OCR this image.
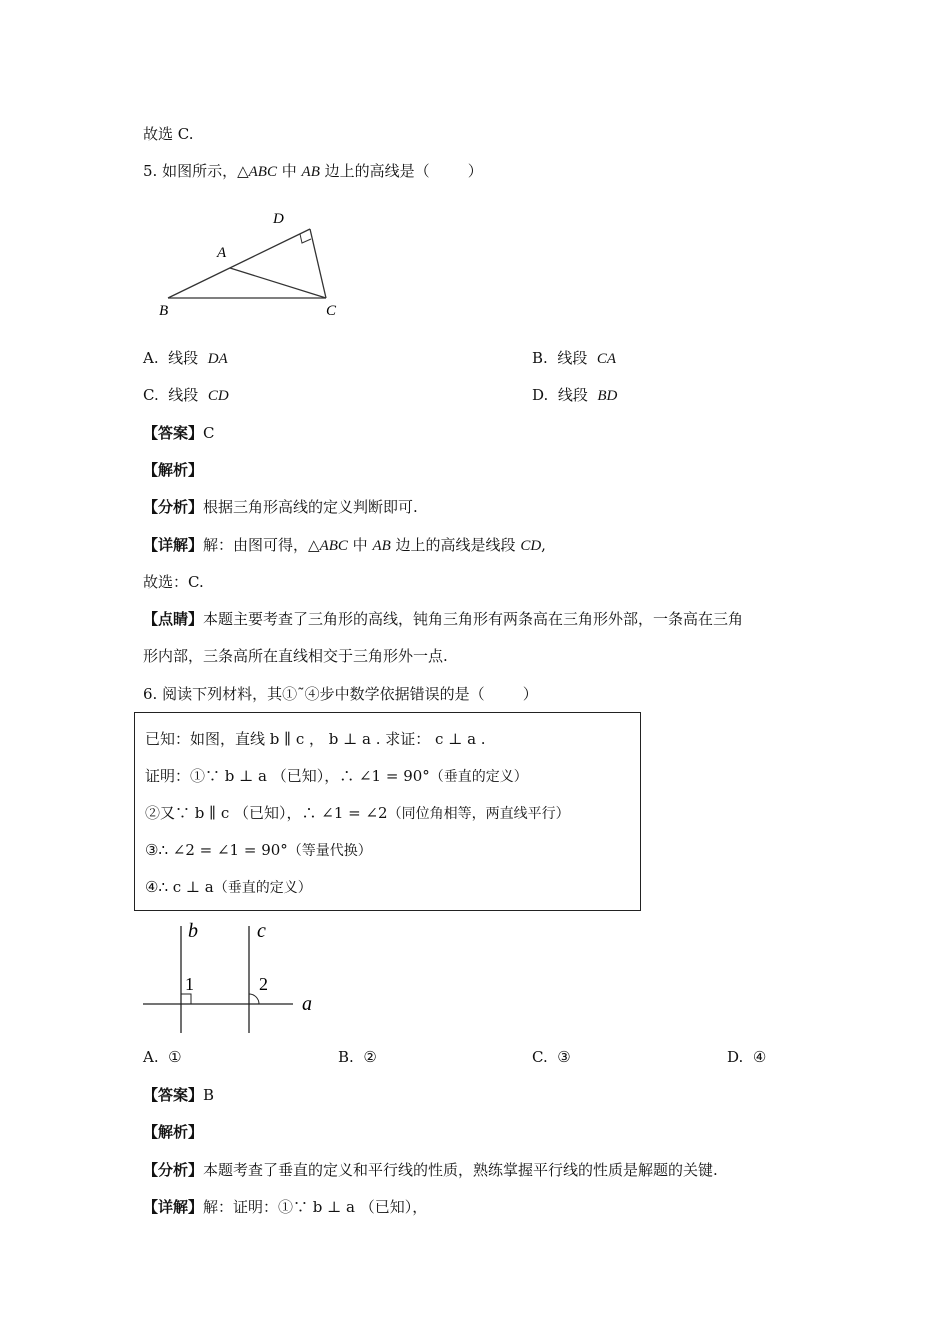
故选 C.
5. 如图所示，△ABC 中 AB 边上的高线是（        ）
D
A
B	C
A. 线段 DA	B. 线段 CA
C. 线段 CD	D. 线段 BD
【答案】C
【解析】
【分析】根据三角形高线的定义判断即可.
【详解】解：由图可得，△ABC 中 AB 边上的高线是线段 CD,
故选：C.
【点睛】本题主要考查了三角形的高线，钝角三角形有两条高在三角形外部，一条高在三角
形内部，三条高所在直线相交于三角形外一点.
6. 阅读下列材料，其①˜④步中数学依据错误的是（        ）
已知：如图，直线 b ∥ c ， b ⊥ a . 求证： c ⊥ a .
证明：①∵ b ⊥ a （已知），∴ ∠1 = 90°（垂直的定义）
②又∵ b ∥ c （已知），∴ ∠1 = ∠2（同位角相等，两直线平行）
③∴ ∠2 = ∠1 = 90°（等量代换）
④∴ c ⊥ a（垂直的定义）
b	c
a
1	2
A. ①	B. ②	C. ③	D. ④
【答案】B
【解析】
【分析】本题考查了垂直的定义和平行线的性质，熟练掌握平行线的性质是解题的关键.
【详解】解：证明：①∵ b ⊥ a （已知），
